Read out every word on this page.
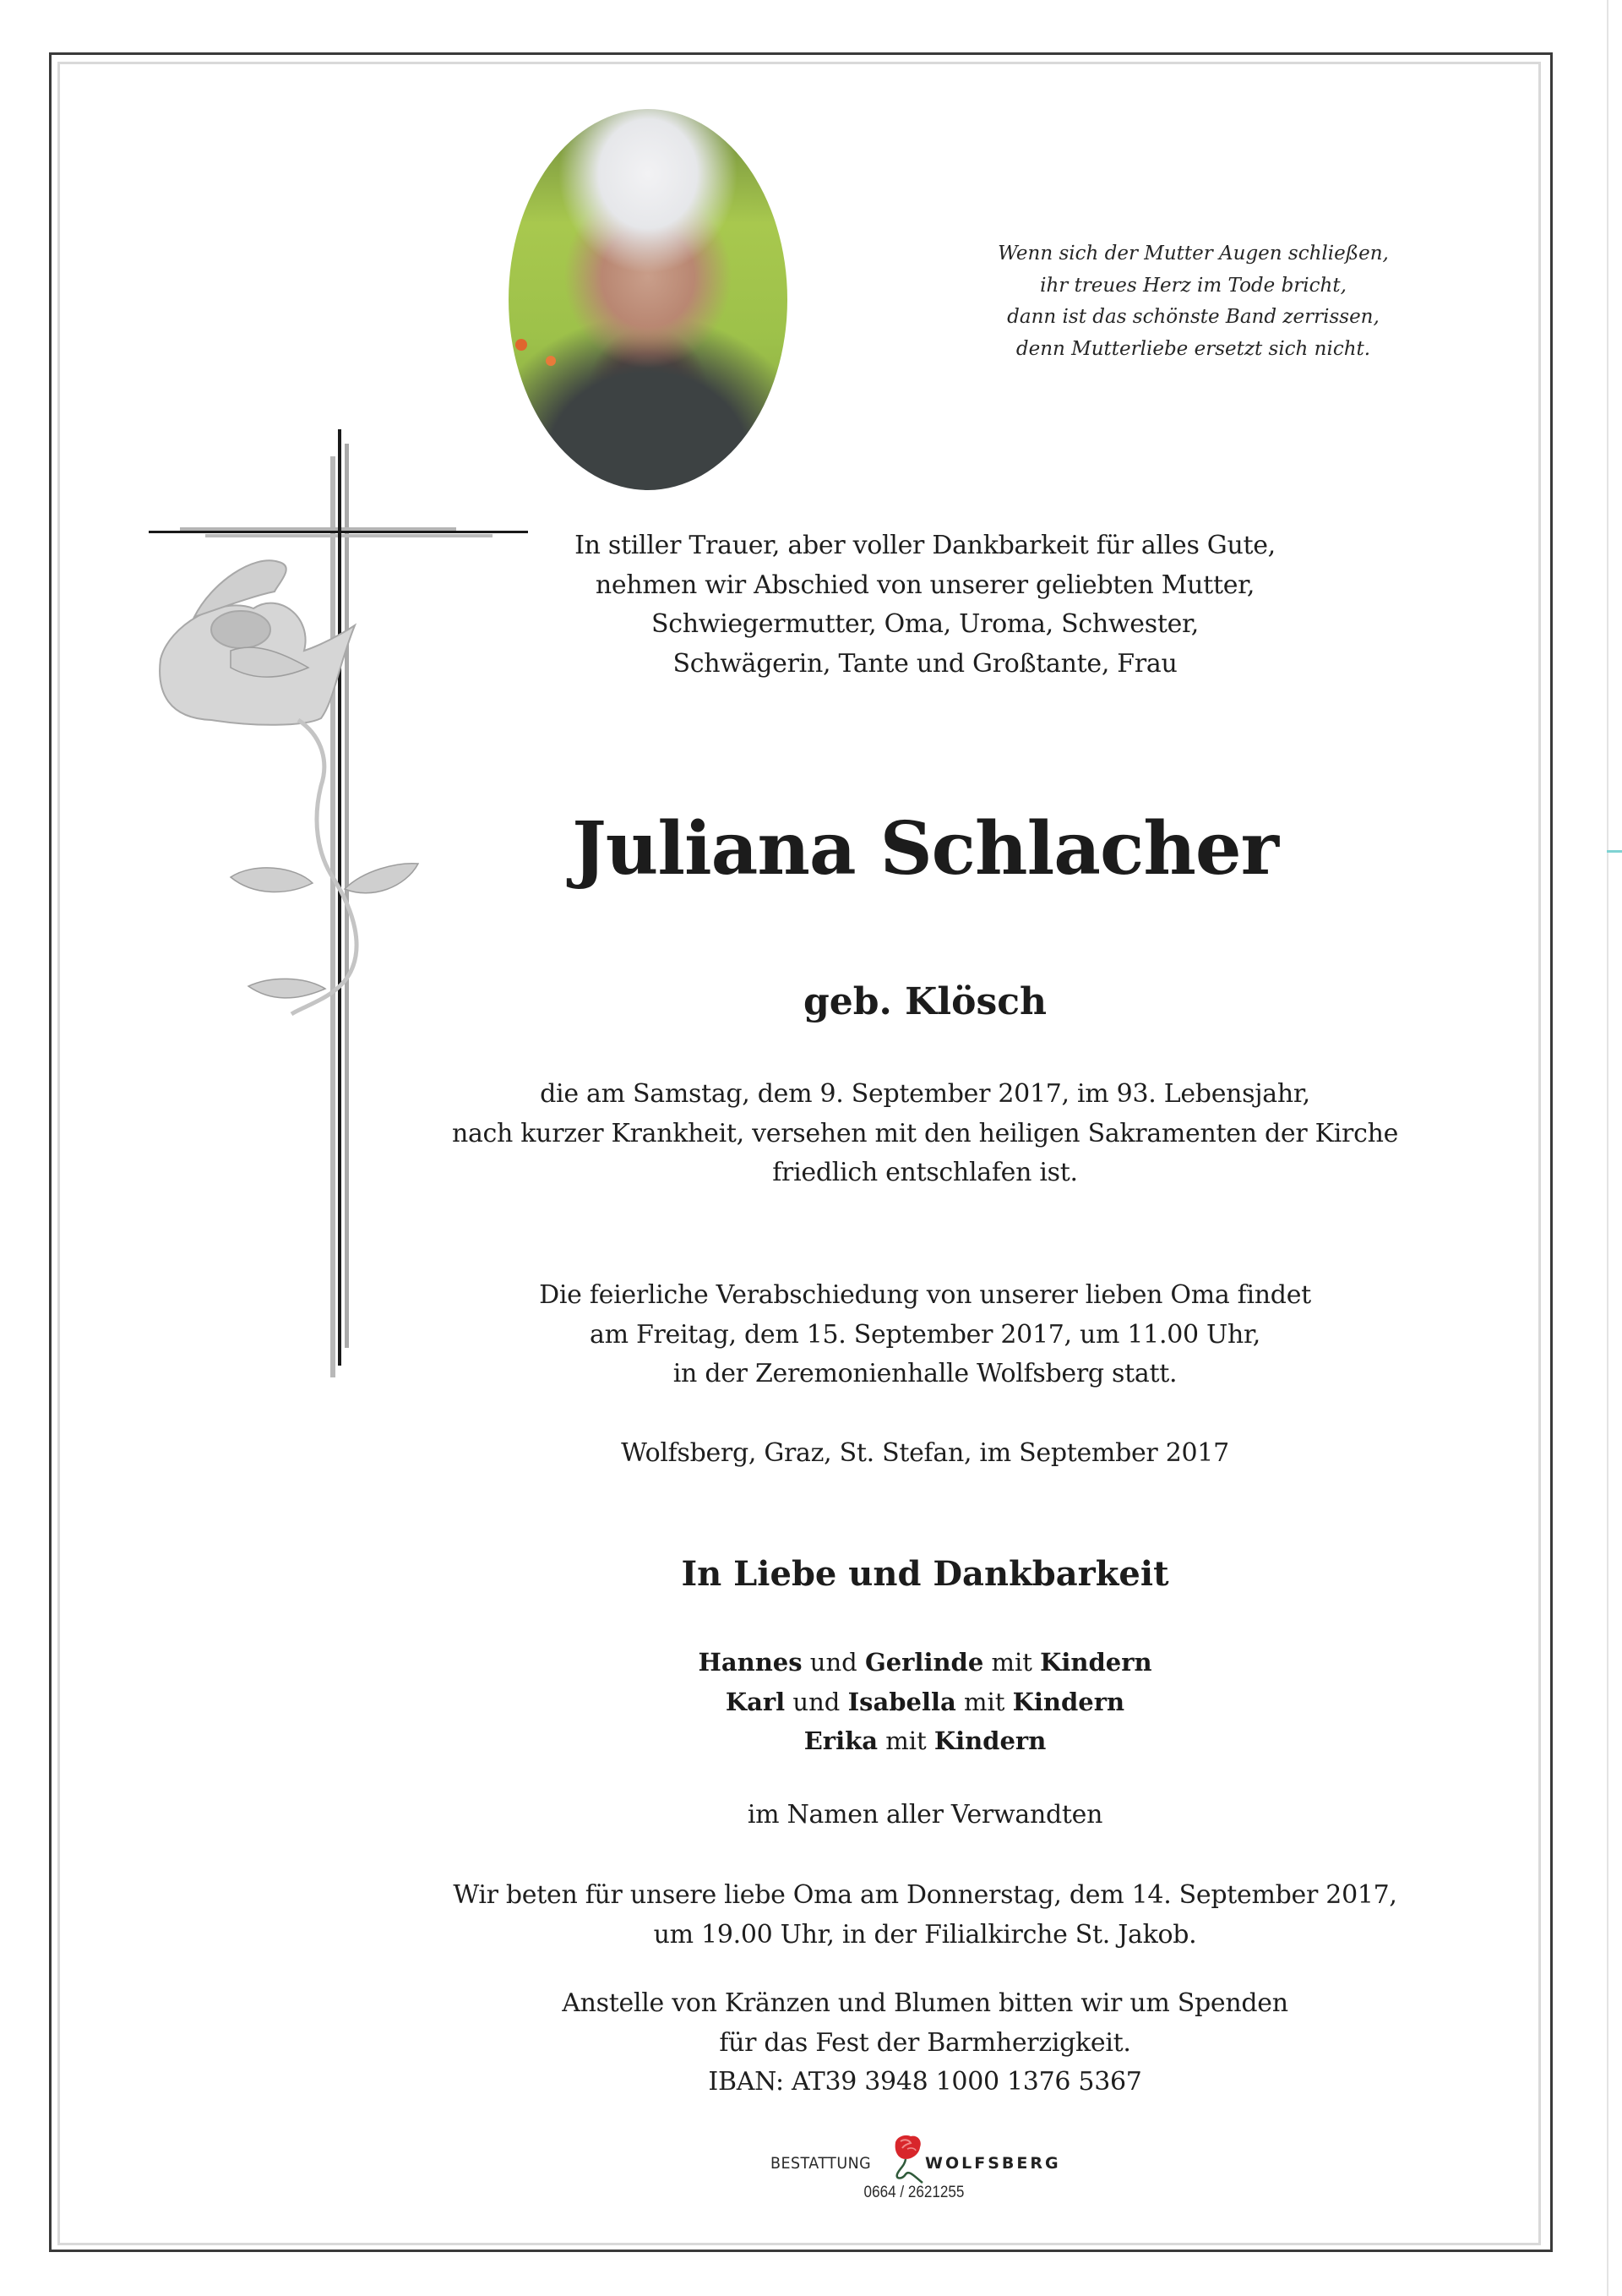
Wenn sich der Mutter Augen schließen,
ihr treues Herz im Tode bricht,
dann ist das schönste Band zerrissen,
denn Mutterliebe ersetzt sich nicht.
In stiller Trauer, aber voller Dankbarkeit für alles Gute,
nehmen wir Abschied von unserer geliebten Mutter,
Schwiegermutter, Oma, Uroma, Schwester,
Schwägerin, Tante und Großtante, Frau
Juliana Schlacher
geb. Klösch
die am Samstag, dem 9. September 2017, im 93. Lebensjahr,
nach kurzer Krankheit, versehen mit den heiligen Sakramenten der Kirche
friedlich entschlafen ist.
Die feierliche Verabschiedung von unserer lieben Oma findet
am Freitag, dem 15. September 2017, um 11.00 Uhr,
in der Zeremonienhalle Wolfsberg statt.
Wolfsberg, Graz, St. Stefan, im September 2017
In Liebe und Dankbarkeit
Hannes und Gerlinde mit Kindern
Karl und Isabella mit Kindern
Erika mit Kindern
im Namen aller Verwandten
Wir beten für unsere liebe Oma am Donnerstag, dem 14. September 2017,
um 19.00 Uhr, in der Filialkirche St. Jakob.
Anstelle von Kränzen und Blumen bitten wir um Spenden
für das Fest der Barmherzigkeit.
IBAN: AT39 3948 1000 1376 5367
BESTATTUNG	WOLFSBERG
0664 / 2621255
